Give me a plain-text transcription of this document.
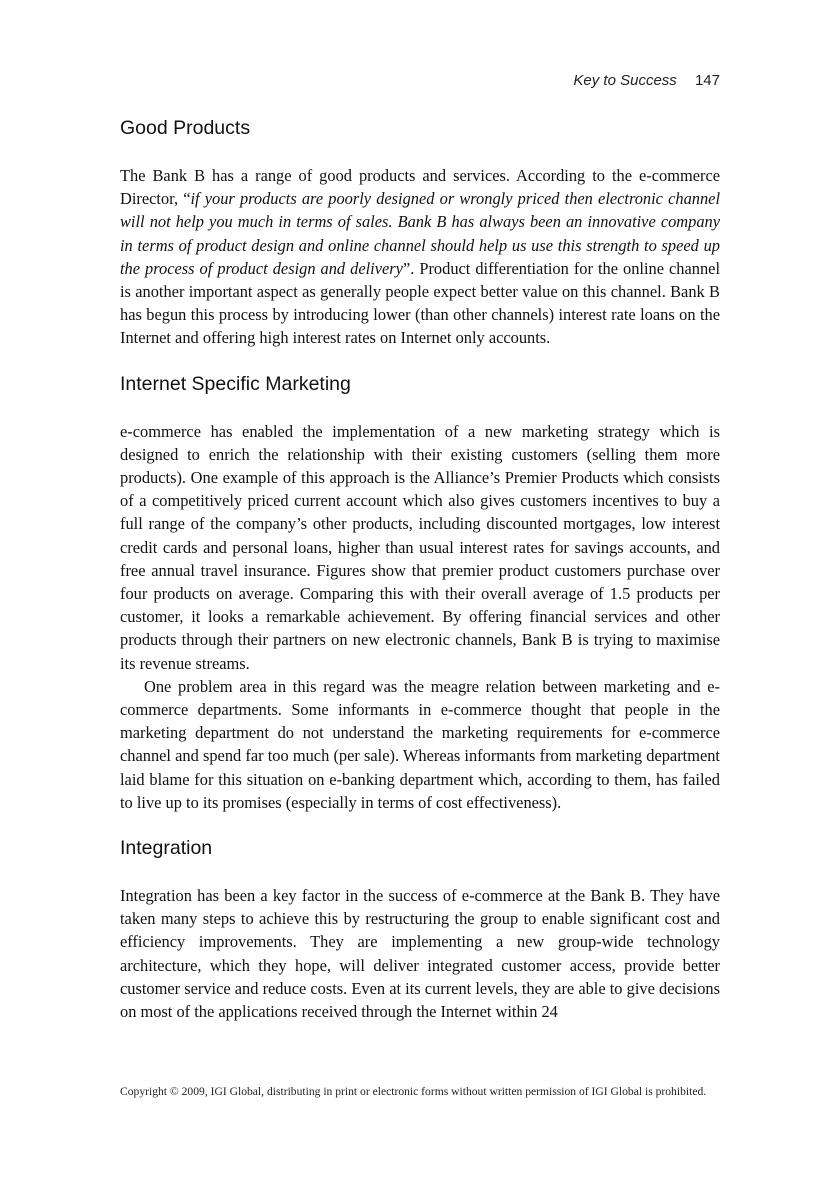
Key to Success 147
Good Products

The Bank B has a range of good products and services. According to the e-commerce Director, “if your products are poorly designed or wrongly priced then electronic channel will not help you much in terms of sales. Bank B has always been an innovative company in terms of product design and online channel should help us use this strength to speed up the process of product design and delivery”. Product differentiation for the online channel is another important aspect as generally people expect better value on this channel. Bank B has begun this process by introducing lower (than other channels) interest rate loans on the Internet and offering high interest rates on Internet only accounts.

Internet Specific Marketing

e-commerce has enabled the implementation of a new marketing strategy which is designed to enrich the relationship with their existing customers (selling them more products). One example of this approach is the Alliance’s Premier Products which consists of a competitively priced current account which also gives customers incentives to buy a full range of the company’s other products, including discounted mortgages, low interest credit cards and personal loans, higher than usual interest rates for savings accounts, and free annual travel insurance. Figures show that premier product customers purchase over four products on average. Comparing this with their overall average of 1.5 products per customer, it looks a remarkable achievement. By offering financial services and other products through their partners on new electronic channels, Bank B is trying to maximise its revenue streams.

One problem area in this regard was the meagre relation between marketing and e-commerce departments. Some informants in e-commerce thought that people in the marketing department do not understand the marketing requirements for e-commerce channel and spend far too much (per sale). Whereas informants from marketing department laid blame for this situation on e-banking department which, according to them, has failed to live up to its promises (especially in terms of cost effectiveness).

Integration

Integration has been a key factor in the success of e-commerce at the Bank B. They have taken many steps to achieve this by restructuring the group to enable significant cost and efficiency improvements. They are implementing a new group-wide technology architecture, which they hope, will deliver integrated customer access, provide better customer service and reduce costs. Even at its current levels, they are able to give decisions on most of the applications received through the Internet within 24

Copyright © 2009, IGI Global, distributing in print or electronic forms without written permission of IGI Global is prohibited.
